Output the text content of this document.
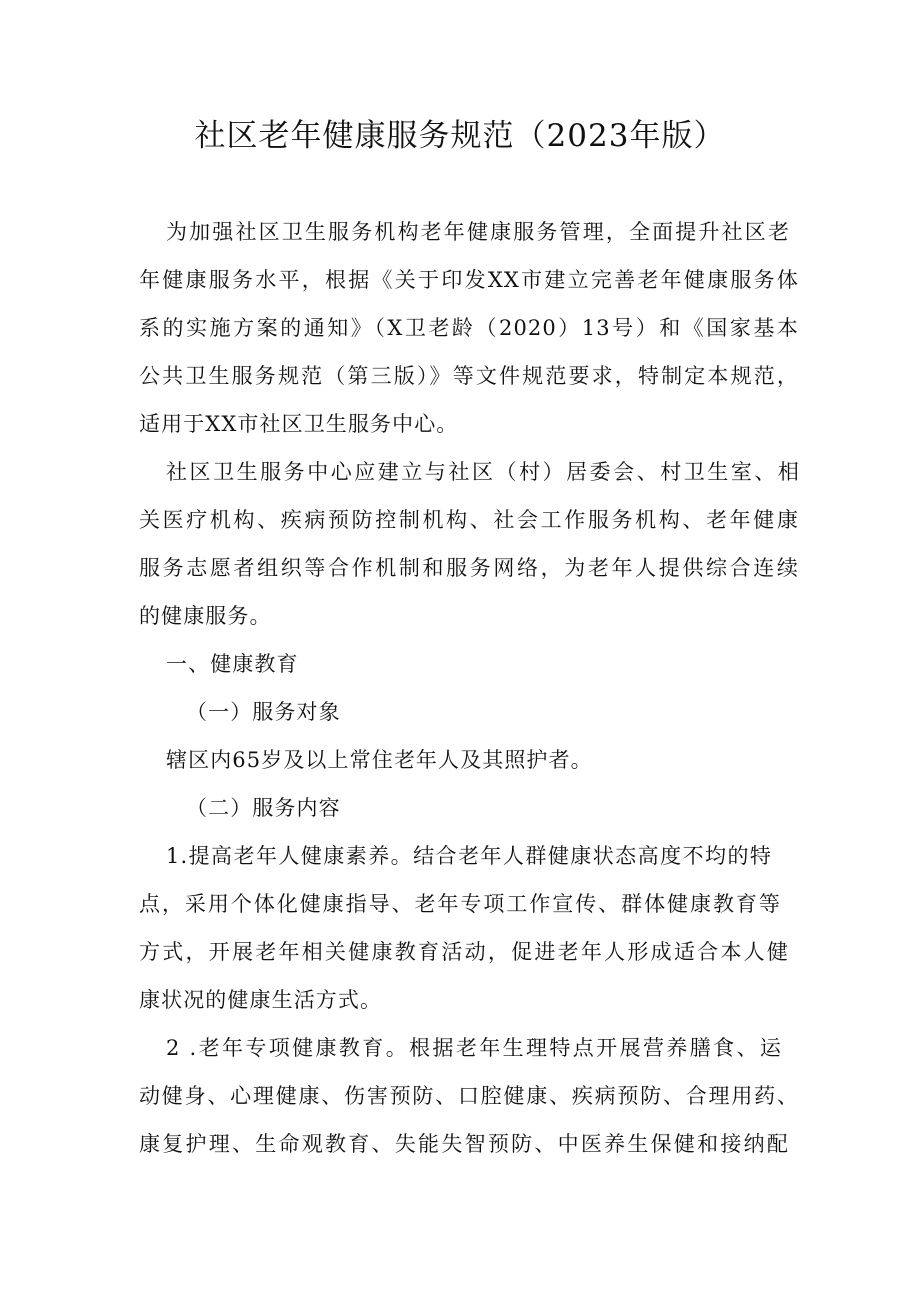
社区老年健康服务规范（2023年版）
为加强社区卫生服务机构老年健康服务管理，全面提升社区老
年健康服务水平，根据《关于印发XX市建立完善老年健康服务体
系的实施方案的通知》（X卫老龄（2020）13号）和《国家基本
公共卫生服务规范（第三版）》等文件规范要求，特制定本规范，
适用于XX市社区卫生服务中心。
社区卫生服务中心应建立与社区（村）居委会、村卫生室、相
关医疗机构、疾病预防控制机构、社会工作服务机构、老年健康
服务志愿者组织等合作机制和服务网络，为老年人提供综合连续
的健康服务。
一、健康教育
（一）服务对象
辖区内65岁及以上常住老年人及其照护者。
（二）服务内容
1.提高老年人健康素养。结合老年人群健康状态高度不均的特
点，采用个体化健康指导、老年专项工作宣传、群体健康教育等
方式，开展老年相关健康教育活动，促进老年人形成适合本人健
康状况的健康生活方式。
2 .老年专项健康教育。根据老年生理特点开展营养膳食、运
动健身、心理健康、伤害预防、口腔健康、疾病预防、合理用药、
康复护理、生命观教育、失能失智预防、中医养生保健和接纳配
